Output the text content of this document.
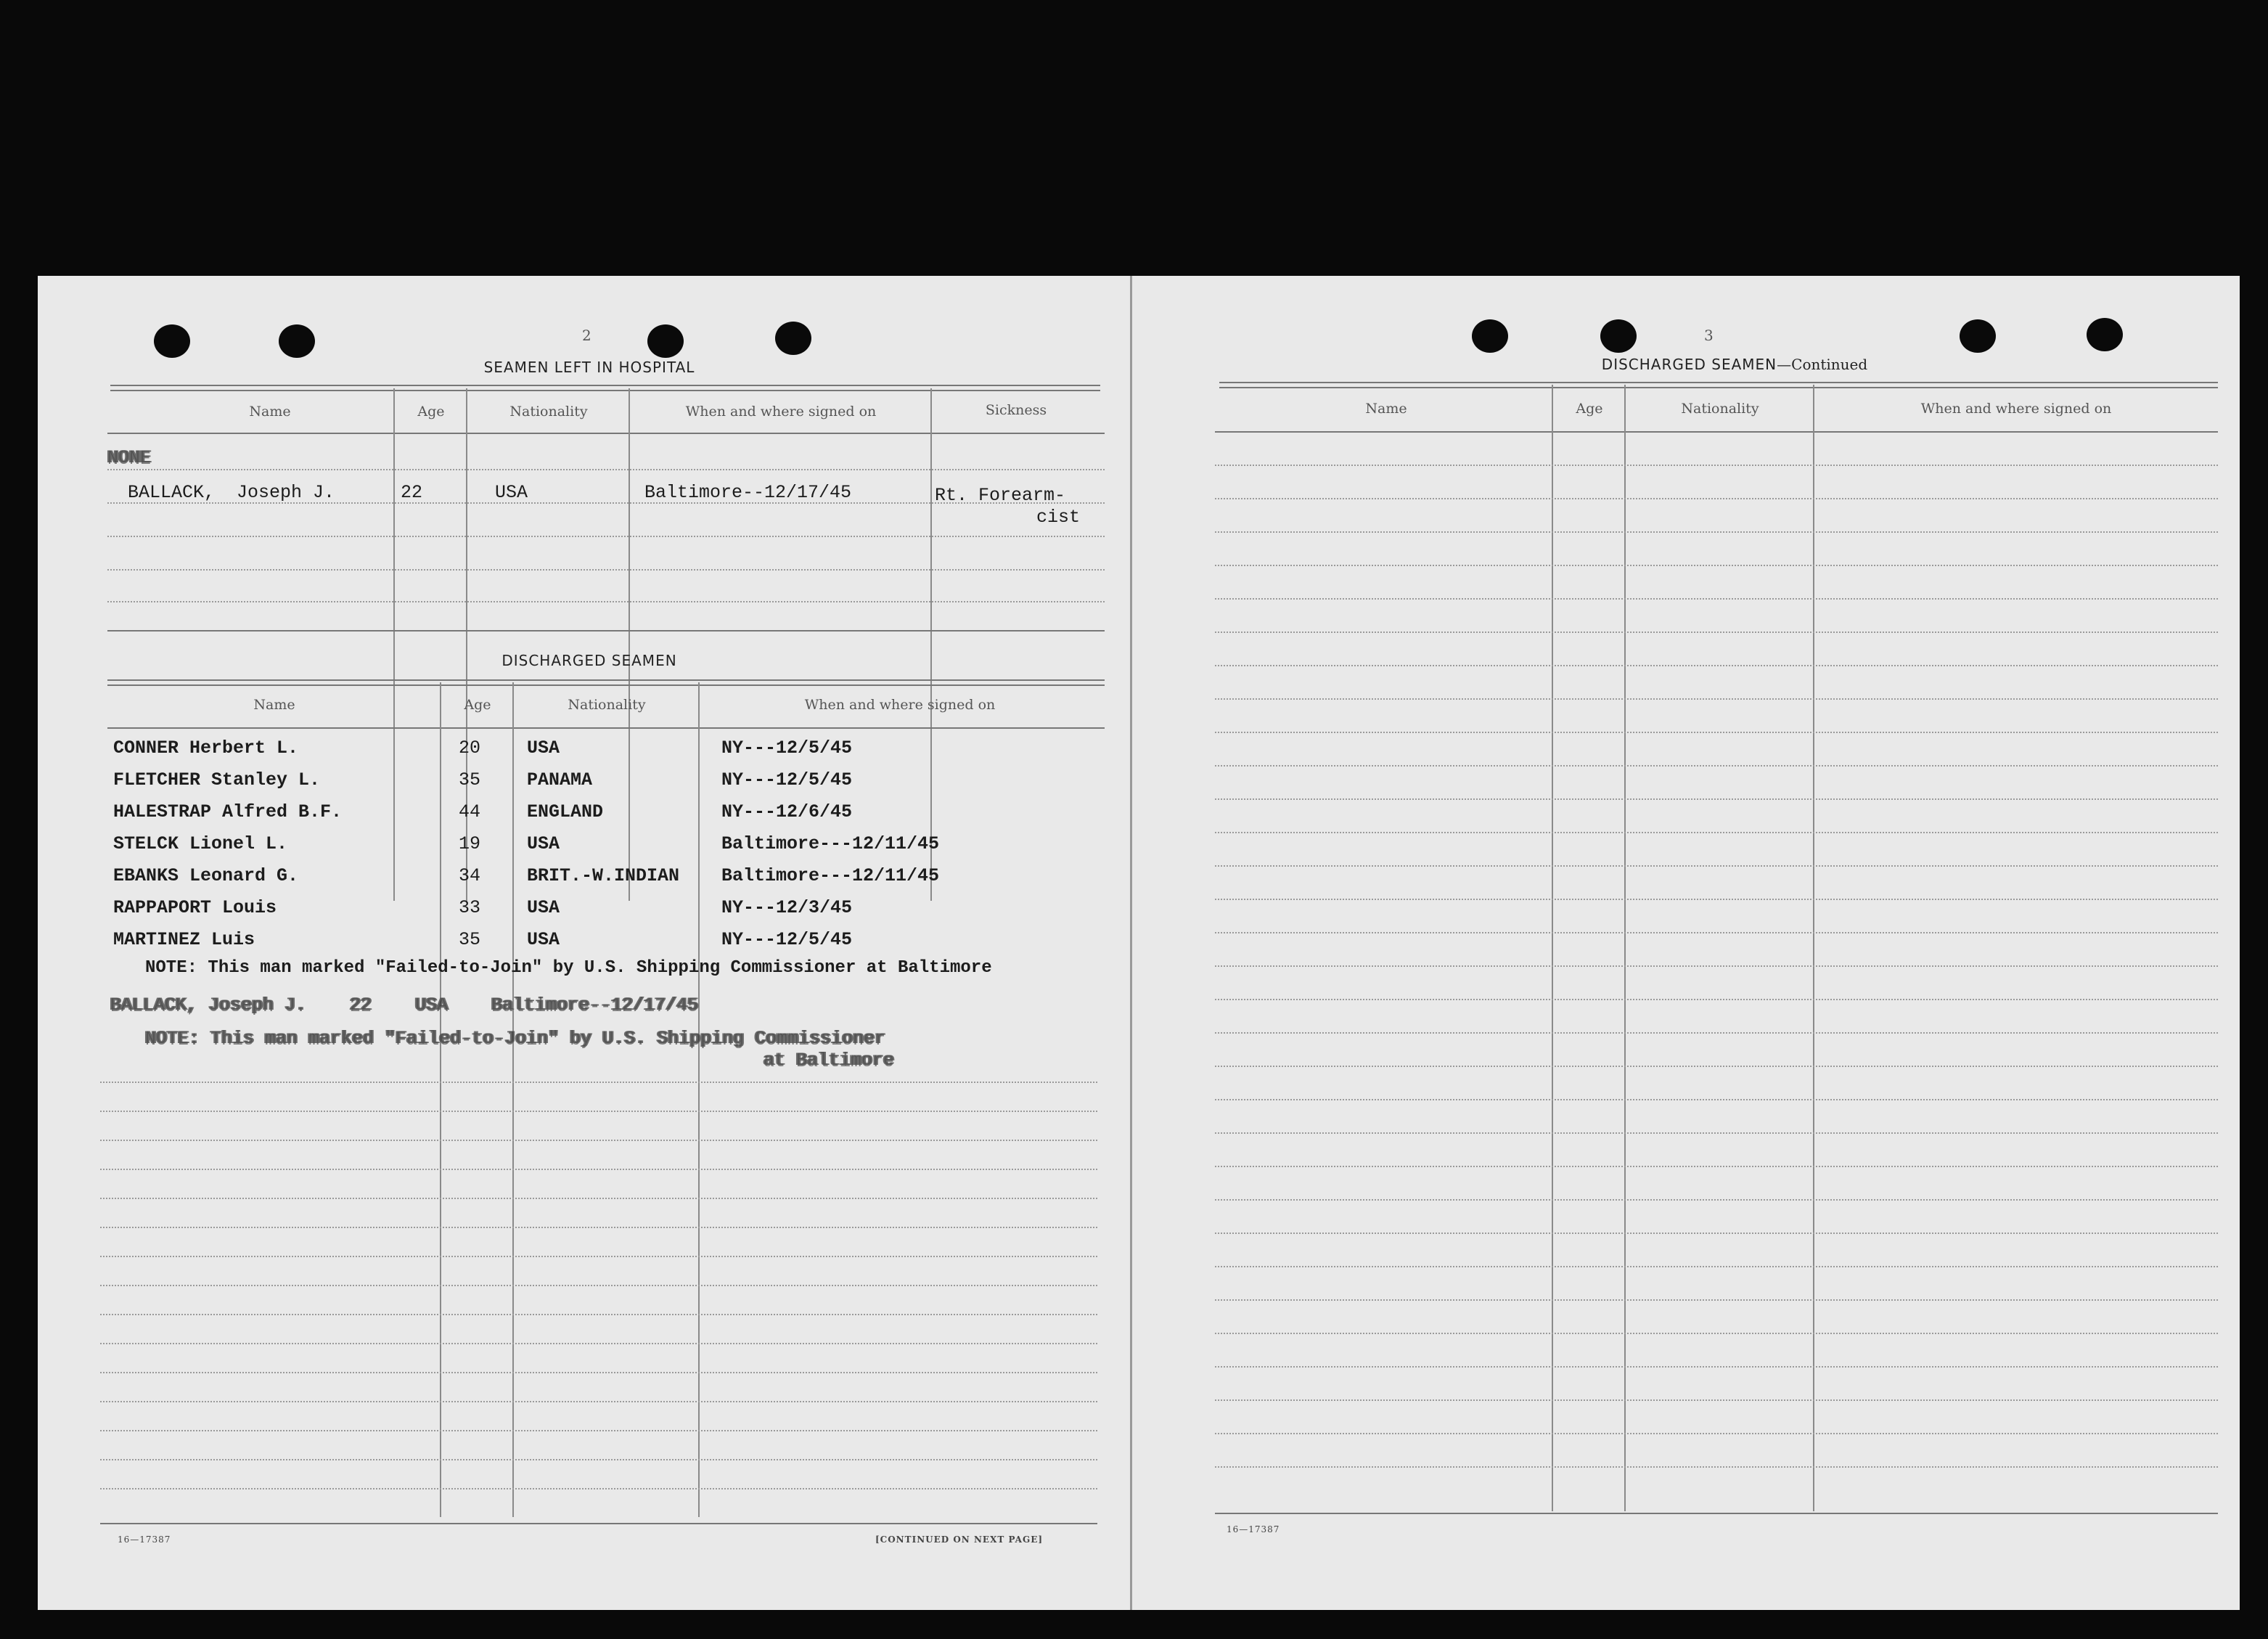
2
SEAMEN LEFT IN HOSPITAL
Name	Age	Nationality	When and where signed on	Sickness
NONE
BALLACK,  Joseph J.	22	USA	Baltimore--12/17/45	Rt. Forearm-
cist
DISCHARGED SEAMEN
Name	Age	Nationality	When and where signed on
CONNER Herbert L.	20	USA	NY---12/5/45
FLETCHER Stanley L.	35	PANAMA	NY---12/5/45
HALESTRAP Alfred B.F.	44	ENGLAND	NY---12/6/45
STELCK Lionel L.	19	USA	Baltimore---12/11/45
EBANKS Leonard G.	34	BRIT.-W.INDIAN Baltimore---12/11/45
RAPPAPORT Louis	33	USA	NY---12/3/45
MARTINEZ Luis	35	USA	NY---12/5/45
NOTE: This man marked "Failed-to-Join" by U.S. Shipping Commissioner at Baltimore
BALLACK, Joseph J.    22    USA    Baltimore--12/17/45
NOTE: This man marked "Failed-to-Join" by U.S. Shipping Commissioner
at Baltimore
16—17387	[CONTINUED ON NEXT PAGE]
3
DISCHARGED SEAMEN—Continued
Name	Age	Nationality	When and where signed on
16—17387
